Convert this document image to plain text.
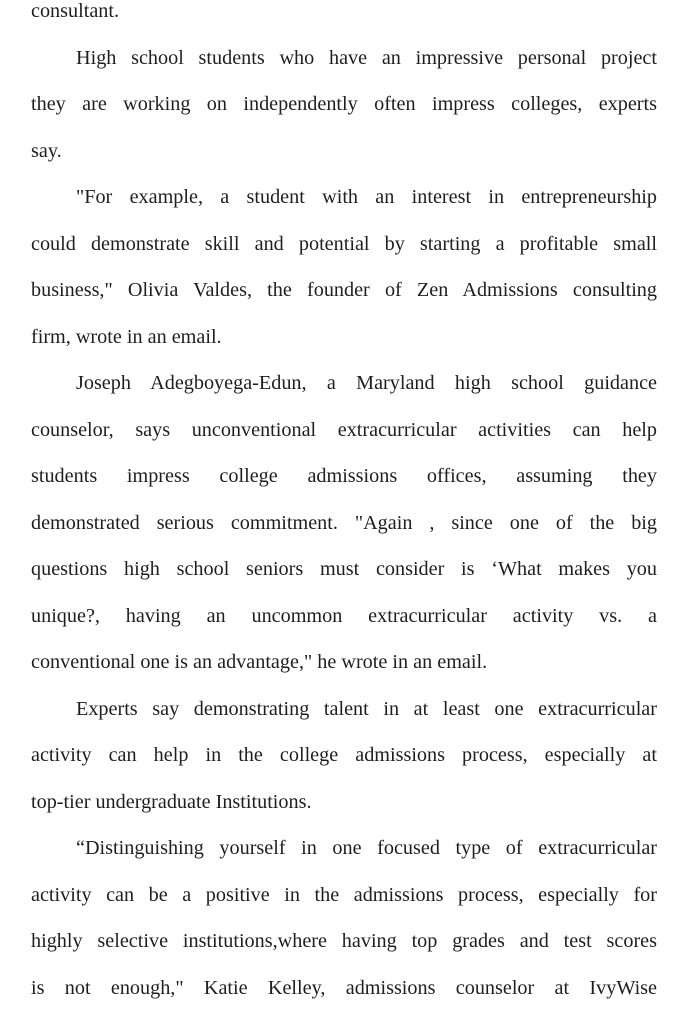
consultant.
High school students who have an impressive personal project
they are working on independently often impress colleges, experts
say.
"For example, a student with an interest in entrepreneurship
could demonstrate skill and potential by starting a profitable small
business," Olivia Valdes, the founder of Zen Admissions consulting
firm, wrote in an email.
Joseph Adegboyega-Edun, a Maryland high school guidance
counselor, says unconventional extracurricular activities can help
students impress college admissions offices, assuming they
demonstrated serious commitment. "Again , since one of the big
questions high school seniors must consider is ‘What makes you
unique?, having an uncommon extracurricular activity vs. a
conventional one is an advantage," he wrote in an email.
Experts say demonstrating talent in at least one extracurricular
activity can help in the college admissions process, especially at
top-tier undergraduate Institutions.
“Distinguishing yourself in one focused type of extracurricular
activity can be a positive in the admissions process, especially for
highly selective institutions,where having top grades and test scores
is not enough," Katie Kelley, admissions counselor at IvyWise
